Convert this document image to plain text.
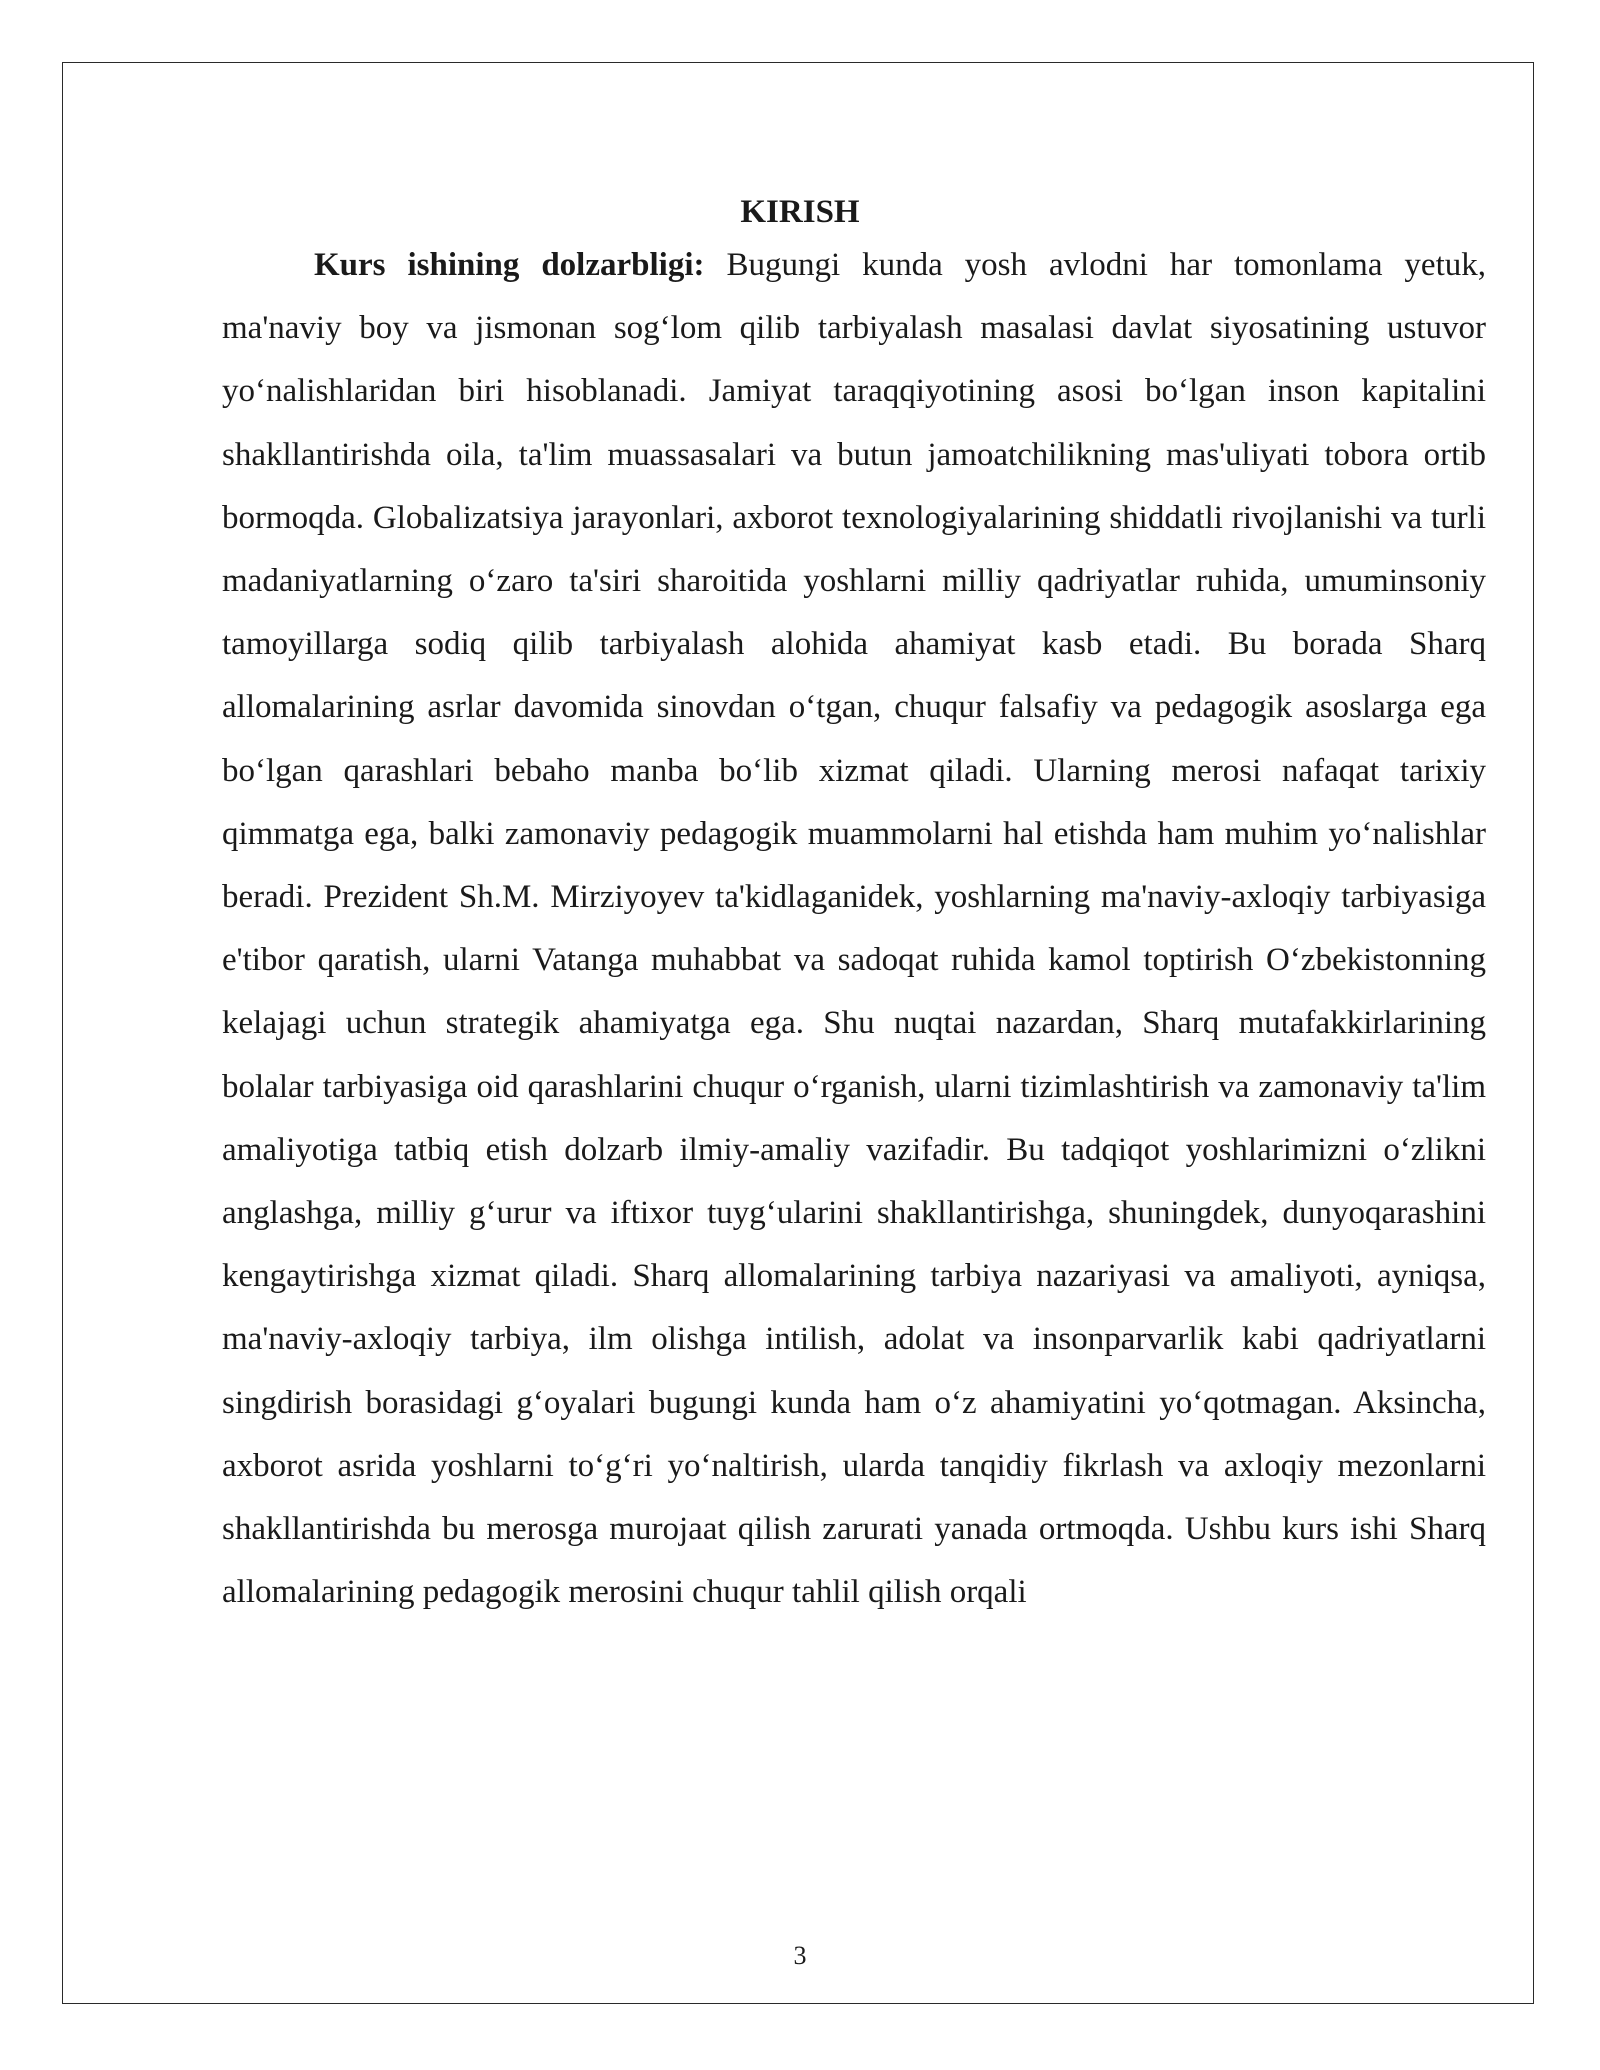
KIRISH

Kurs ishining dolzarbligi: Bugungi kunda yosh avlodni har tomonlama yetuk, ma'naviy boy va jismonan sog‘lom qilib tarbiyalash masalasi davlat siyosatining ustuvor yo‘nalishlaridan biri hisoblanadi. Jamiyat taraqqiyotining asosi bo‘lgan inson kapitalini shakllantirishda oila, ta'lim muassasalari va butun jamoatchilikning mas'uliyati tobora ortib bormoqda. Globalizatsiya jarayonlari, axborot texnologiyalarining shiddatli rivojlanishi va turli madaniyatlarning o‘zaro ta'siri sharoitida yoshlarni milliy qadriyatlar ruhida, umuminsoniy tamoyillarga sodiq qilib tarbiyalash alohida ahamiyat kasb etadi. Bu borada Sharq allomalarining asrlar davomida sinovdan o‘tgan, chuqur falsafiy va pedagogik asoslarga ega bo‘lgan qarashlari bebaho manba bo‘lib xizmat qiladi. Ularning merosi nafaqat tarixiy qimmatga ega, balki zamonaviy pedagogik muammolarni hal etishda ham muhim yo‘nalishlar beradi. Prezident Sh.M. Mirziyoyev ta'kidlaganidek, yoshlarning ma'naviy-axloqiy tarbiyasiga e'tibor qaratish, ularni Vatanga muhabbat va sadoqat ruhida kamol toptirish O‘zbekistonning kelajagi uchun strategik ahamiyatga ega. Shu nuqtai nazardan, Sharq mutafakkirlarining bolalar tarbiyasiga oid qarashlarini chuqur o‘rganish, ularni tizimlashtirish va zamonaviy ta'lim amaliyotiga tatbiq etish dolzarb ilmiy-amaliy vazifadir. Bu tadqiqot yoshlarimizni o‘zlikni anglashga, milliy g‘urur va iftixor tuyg‘ularini shakllantirishga, shuningdek, dunyoqarashini kengaytirishga xizmat qiladi. Sharq allomalarining tarbiya nazariyasi va amaliyoti, ayniqsa, ma'naviy-axloqiy tarbiya, ilm olishga intilish, adolat va insonparvarlik kabi qadriyatlarni singdirish borasidagi g‘oyalari bugungi kunda ham o‘z ahamiyatini yo‘qotmagan. Aksincha, axborot asrida yoshlarni to‘g‘ri yo‘naltirish, ularda tanqidiy fikrlash va axloqiy mezonlarni shakllantirishda bu merosga murojaat qilish zarurati yanada ortmoqda. Ushbu kurs ishi Sharq allomalarining pedagogik merosini chuqur tahlil qilish orqali

3
